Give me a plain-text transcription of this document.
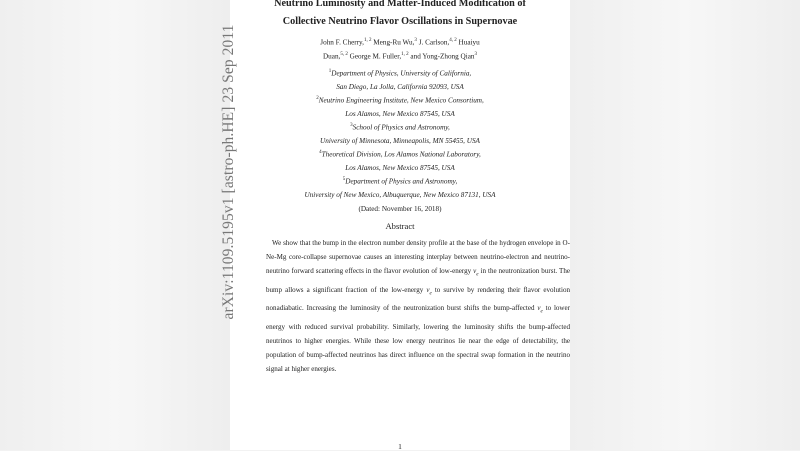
arXiv:1109.5195v1 [astro-ph.HE] 23 Sep 2011
Neutrino Luminosity and Matter-Induced Modification of
Collective Neutrino Flavor Oscillations in Supernovae
John F. Cherry,$^{1, 2}$ Meng-Ru Wu,$^3$ J. Carlson,$^{4, 2}$ Huaiyu
Duan,$^{5, 2}$ George M. Fuller,$^{1, 2}$ and Yong-Zhong Qian$^3$
$^1$Department of Physics, University of California,
San Diego, La Jolla, California 92093, USA
$^2$Neutrino Engineering Institute, New Mexico Consortium,
Los Alamos, New Mexico 87545, USA
$^3$School of Physics and Astronomy,
University of Minnesota, Minneapolis, MN 55455, USA
$^4$Theoretical Division, Los Alamos National Laboratory,
Los Alamos, New Mexico 87545, USA
$^5$Department of Physics and Astronomy,
University of New Mexico, Albuquerque, New Mexico 87131, USA
(Dated: November 16, 2018)
Abstract
We show that the bump in the electron number density profile at the base of the hydrogen envelope in O-Ne-Mg core-collapse supernovae causes an interesting interplay between neutrino-electron and neutrino-neutrino forward scattering effects in the flavor evolution of low-energy $\nu_e$ in the neutronization burst. The bump allows a significant fraction of the low-energy $\nu_e$ to survive by rendering their flavor evolution nonadiabatic. Increasing the luminosity of the neutronization burst shifts the bump-affected $\nu_e$ to lower energy with reduced survival probability. Similarly, lowering the luminosity shifts the bump-affected neutrinos to higher energies. While these low energy neutrinos lie near the edge of detectability, the population of bump-affected neutrinos has direct influence on the spectral swap formation in the neutrino signal at higher energies.
1
